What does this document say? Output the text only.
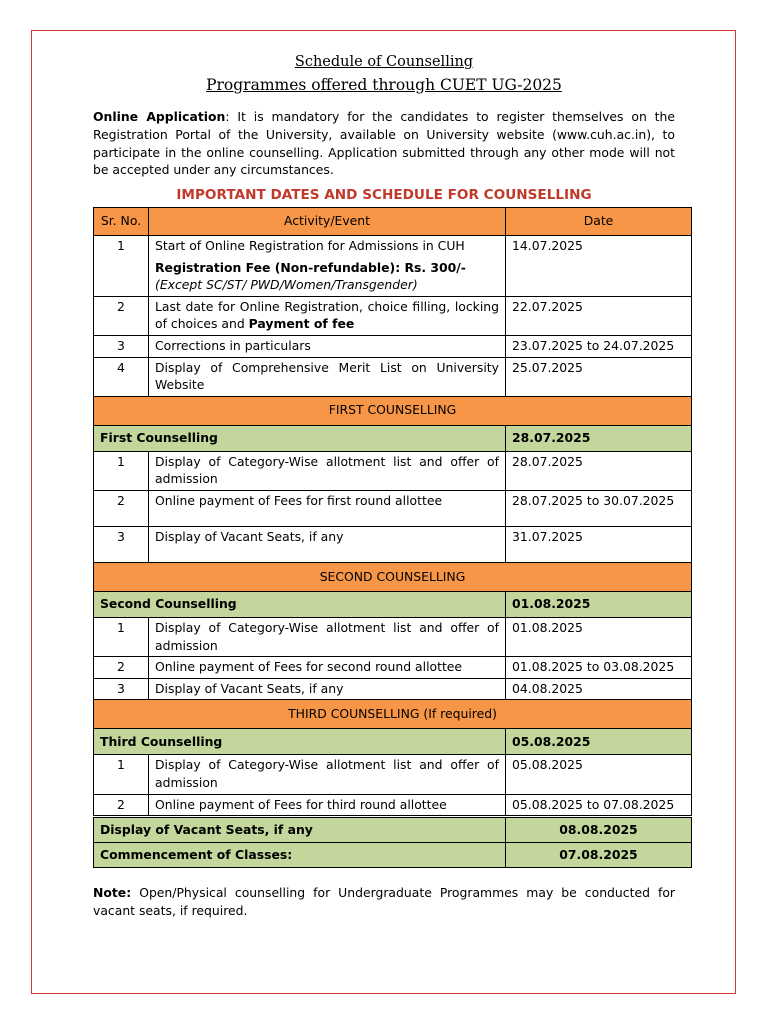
Schedule of Counselling
Programmes offered through CUET UG-2025
Online Application: It is mandatory for the candidates to register themselves on the Registration Portal of the University, available on University website (www.cuh.ac.in), to participate in the online counselling. Application submitted through any other mode will not be accepted under any circumstances.
IMPORTANT DATES AND SCHEDULE FOR COUNSELLING
Sr. No.	Activity/Event	Date
1	Start of Online Registration for Admissions in CUH
Registration Fee (Non-refundable): Rs. 300/-
(Except SC/ST/ PWD/Women/Transgender)	14.07.2025
2	Last date for Online Registration, choice filling, locking of choices and Payment of fee	22.07.2025
3	Corrections in particulars	23.07.2025 to 24.07.2025
4	Display of Comprehensive Merit List on University Website	25.07.2025
FIRST COUNSELLING		
First Counselling		28.07.2025
1	Display of Category-Wise allotment list and offer of admission	28.07.2025
2	Online payment of Fees for first round allottee	28.07.2025 to 30.07.2025
3	Display of Vacant Seats, if any	31.07.2025
SECOND COUNSELLING		
Second Counselling		01.08.2025
1	Display of Category-Wise allotment list and offer of admission	01.08.2025
2	Online payment of Fees for second round allottee	01.08.2025 to 03.08.2025
3	Display of Vacant Seats, if any	04.08.2025
THIRD COUNSELLING (If required)		
Third Counselling		05.08.2025
1	Display of Category-Wise allotment list and offer of admission	05.08.2025
2	Online payment of Fees for third round allottee	05.08.2025 to 07.08.2025
Display of Vacant Seats, if any	08.08.2025
Commencement of Classes:	07.08.2025
Note: Open/Physical counselling for Undergraduate Programmes may be conducted for vacant seats, if required.
